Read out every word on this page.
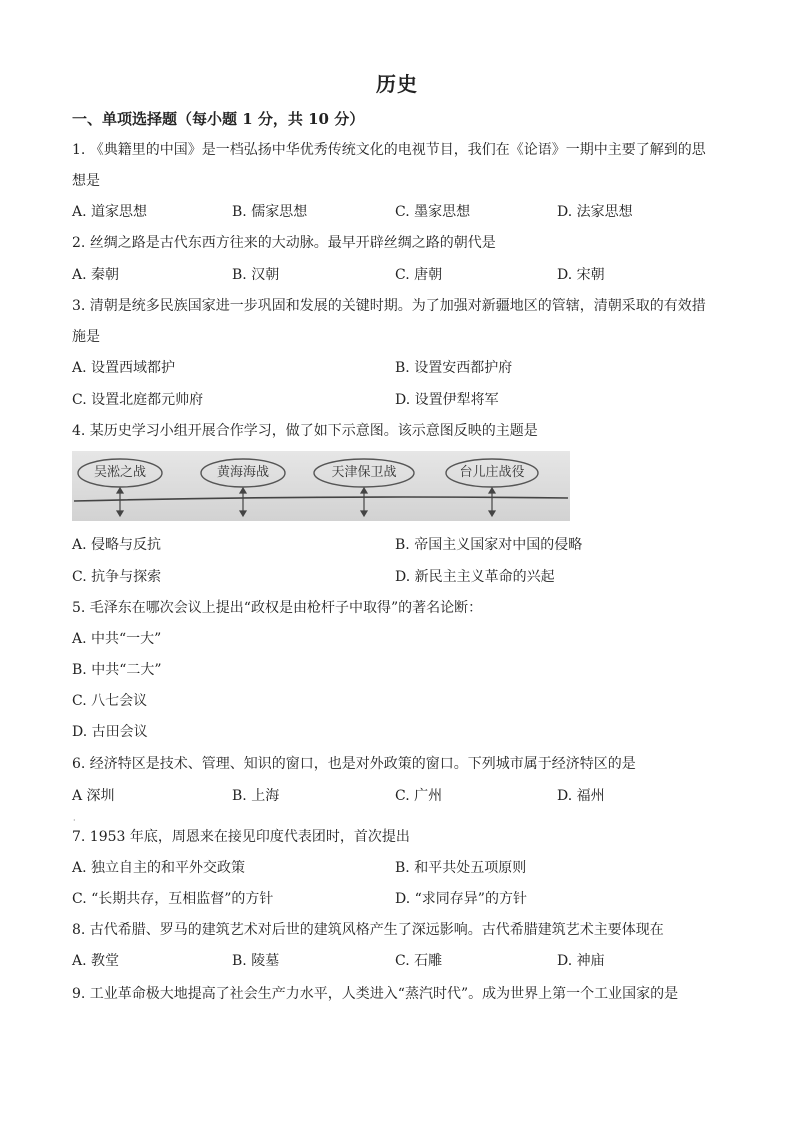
历史
一、单项选择题（每小题 1 分，共 10 分）
1. 《典籍里的中国》是一档弘扬中华优秀传统文化的电视节目，我们在《论语》一期中主要了解到的思
想是
A. 道家思想	B. 儒家思想	C. 墨家思想	D. 法家思想
2. 丝绸之路是古代东西方往来的大动脉。最早开辟丝绸之路的朝代是
A. 秦朝	B. 汉朝	C. 唐朝	D. 宋朝
3. 清朝是统多民族国家进一步巩固和发展的关键时期。为了加强对新疆地区的管辖，清朝采取的有效措
施是
A. 设置西域都护	B. 设置安西都护府
C. 设置北庭都元帅府	D. 设置伊犁将军
4. 某历史学习小组开展合作学习，做了如下示意图。该示意图反映的主题是
吴淞之战	黄海海战	天津保卫战	台儿庄战役
A. 侵略与反抗	B. 帝国主义国家对中国的侵略
C. 抗争与探索	D. 新民主主义革命的兴起
5. 毛泽东在哪次会议上提出“政权是由枪杆子中取得”的著名论断：
A. 中共“一大”
B. 中共“二大”
C. 八七会议
D. 古田会议
6. 经济特区是技术、管理、知识的窗口，也是对外政策的窗口。下列城市属于经济特区的是
A 深圳	B. 上海	C. 广州	D. 福州
·
7. 1953 年底，周恩来在接见印度代表团时，首次提出
A. 独立自主的和平外交政策	B. 和平共处五项原则
C. “长期共存，互相监督”的方针	D. “求同存异”的方针
8. 古代希腊、罗马的建筑艺术对后世的建筑风格产生了深远影响。古代希腊建筑艺术主要体现在
A. 教堂	B. 陵墓	C. 石雕	D. 神庙
9. 工业革命极大地提高了社会生产力水平，人类进入“蒸汽时代”。成为世界上第一个工业国家的是
